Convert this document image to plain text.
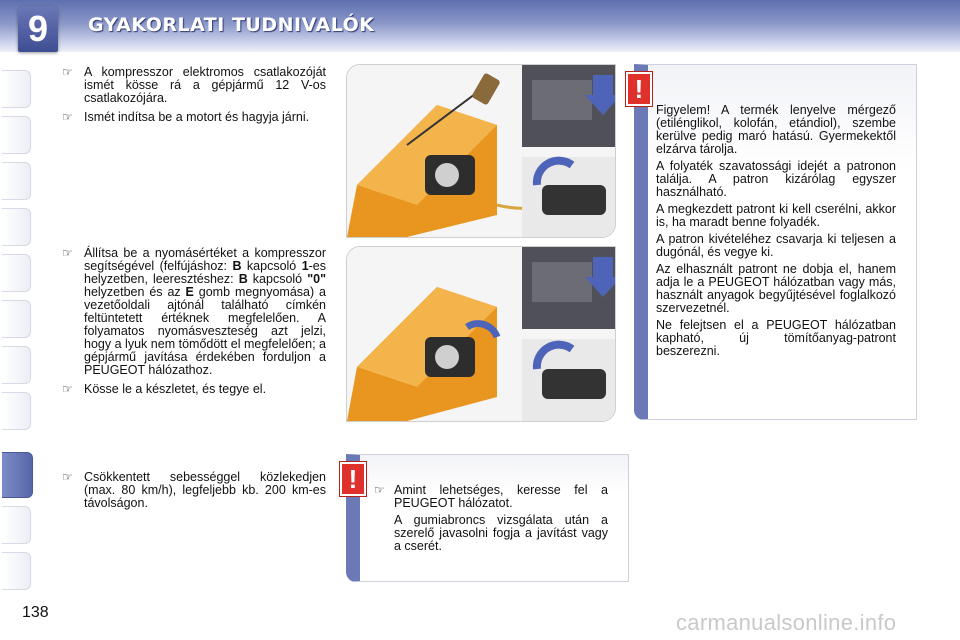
9	GYAKORLATI TUDNIVALÓK
☞ A kompresszor elektromos csatlakozóját ismét kösse rá a gépjármű 12 V-os csatlakozójára.
☞ Ismét indítsa be a motort és hagyja járni.
☞ Állítsa be a nyomásértéket a kompresszor segítségével (felfújáshoz: B kapcsoló 1-es helyzetben, leeresztéshez: B kapcsoló "0" helyzetben és az E gomb megnyomása) a vezetőoldali ajtónál található címkén feltüntetett értéknek megfelelően. A folyamatos nyomásveszteség azt jelzi, hogy a lyuk nem tömődött el megfelelően; a gépjármű javítása érdekében forduljon a PEUGEOT hálózathoz.
☞ Kösse le a készletet, és tegye el.
☞ Csökkentett sebességgel közlekedjen (max. 80 km/h), legfeljebb kb. 200 km-es távolságon.
!

Figyelem! A termék lenyelve mérgező (etilénglikol, kolofán, etándiol), szembe kerülve pedig maró hatású. Gyermekektől elzárva tárolja.

A folyaték szavatossági idejét a patronon találja. A patron kizárólag egyszer használható.

A megkezdett patront ki kell cserélni, akkor is, ha maradt benne folyadék.

A patron kivételéhez csavarja ki teljesen a dugónál, és vegye ki.

Az elhasznált patront ne dobja el, hanem adja le a PEUGEOT hálózatban vagy más, használt anyagok begyűjtésével foglalkozó szervezetnél.

Ne felejtsen el a PEUGEOT hálózatban kapható, új tömítőanyag-patront beszerezni.

!	☞ Amint lehetséges, keresse fel a PEUGEOT hálózatot.

A gumiabroncs vizsgálata után a szerelő javasolni fogja a javítást vagy a cserét.

138	carmanualsonline.info
